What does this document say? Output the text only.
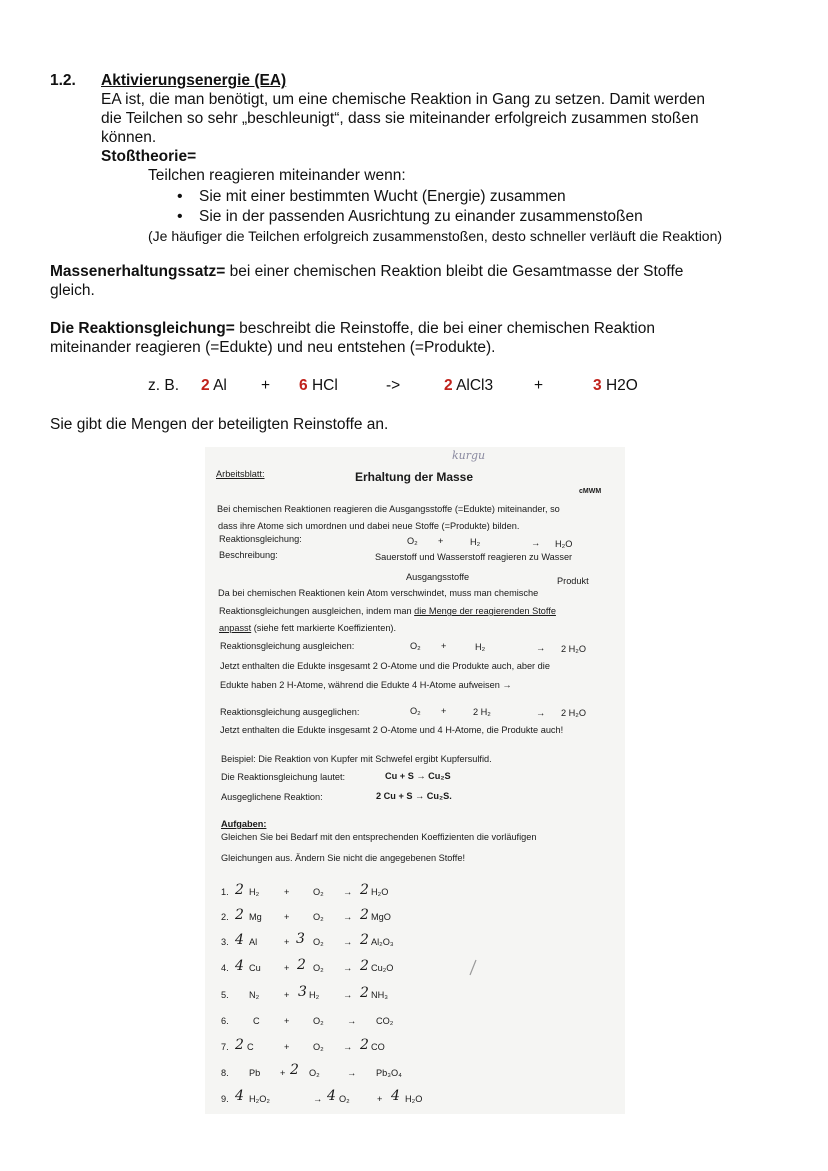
1.2. Aktivierungsenergie (EA)
EA ist, die man benötigt, um eine chemische Reaktion in Gang zu setzen. Damit werden
die Teilchen so sehr „beschleunigt“, dass sie miteinander erfolgreich zusammen stoßen
können.
Stoßtheorie=
Teilchen reagieren miteinander wenn:
• Sie mit einer bestimmten Wucht (Energie) zusammen
• Sie in der passenden Ausrichtung zu einander zusammenstoßen
(Je häufiger die Teilchen erfolgreich zusammenstoßen, desto schneller verläuft die Reaktion)
Massenerhaltungssatz= bei einer chemischen Reaktion bleibt die Gesamtmasse der Stoffe
gleich.
Die Reaktionsgleichung= beschreibt die Reinstoffe, die bei einer chemischen Reaktion
miteinander reagieren (=Edukte) und neu entstehen (=Produkte).
z. B. 2 Al + 6 HCl	->	2 AlCl3	+	3 H2O
Sie gibt die Mengen der beteiligten Reinstoffe an.
kurgu
Arbeitsblatt:	Erhaltung der Masse
cMWM
Bei chemischen Reaktionen reagieren die Ausgangsstoffe (=Edukte) miteinander, so
dass ihre Atome sich umordnen und dabei neue Stoffe (=Produkte) bilden.
Reaktionsgleichung:	O₂ +	H₂	→ H₂O
Beschreibung:	Sauerstoff und Wasserstoff reagieren zu Wasser
Ausgangsstoffe	Produkt
Da bei chemischen Reaktionen kein Atom verschwindet, muss man chemische
Reaktionsgleichungen ausgleichen, indem man die Menge der reagierenden Stoffe
anpasst (siehe fett markierte Koeffizienten).
Reaktionsgleichung ausgleichen:	O₂ +	H₂	→ 2 H₂O
Jetzt enthalten die Edukte insgesamt 2 O-Atome und die Produkte auch, aber die
Edukte haben 2 H-Atome, während die Edukte 4 H-Atome aufweisen →
Reaktionsgleichung ausgeglichen:	O₂ +	2 H₂	→ 2 H₂O
Jetzt enthalten die Edukte insgesamt 2 O-Atome und 4 H-Atome, die Produkte auch!
Beispiel: Die Reaktion von Kupfer mit Schwefel ergibt Kupfersulfid.
Die Reaktionsgleichung lautet:	Cu + S → Cu₂S
Ausgeglichene Reaktion:	2 Cu + S → Cu₂S.
Aufgaben:
Gleichen Sie bei Bedarf mit den entsprechenden Koeffizienten die vorläufigen
Gleichungen aus. Ändern Sie nicht die angegebenen Stoffe!
1. 2 H₂	+	O₂ → 2 H₂O
2. 2 Mg +	O₂ → 2 MgO
3. 4 Al	+ 3 O₂ → 2 Al₂O₃
4. 4 Cu	+ 2 O₂ → 2 Cu₂O
5. N₂	+ 3 H₂	→ 2 NH₃
6.	C	+	O₂	→ CO₂
7. 2 C	+	O₂ → 2 CO
8. Pb + 2 O₂	→ Pb₃O₄
9. 4 H₂O₂	→ 4 O₂	+ 4 H₂O
